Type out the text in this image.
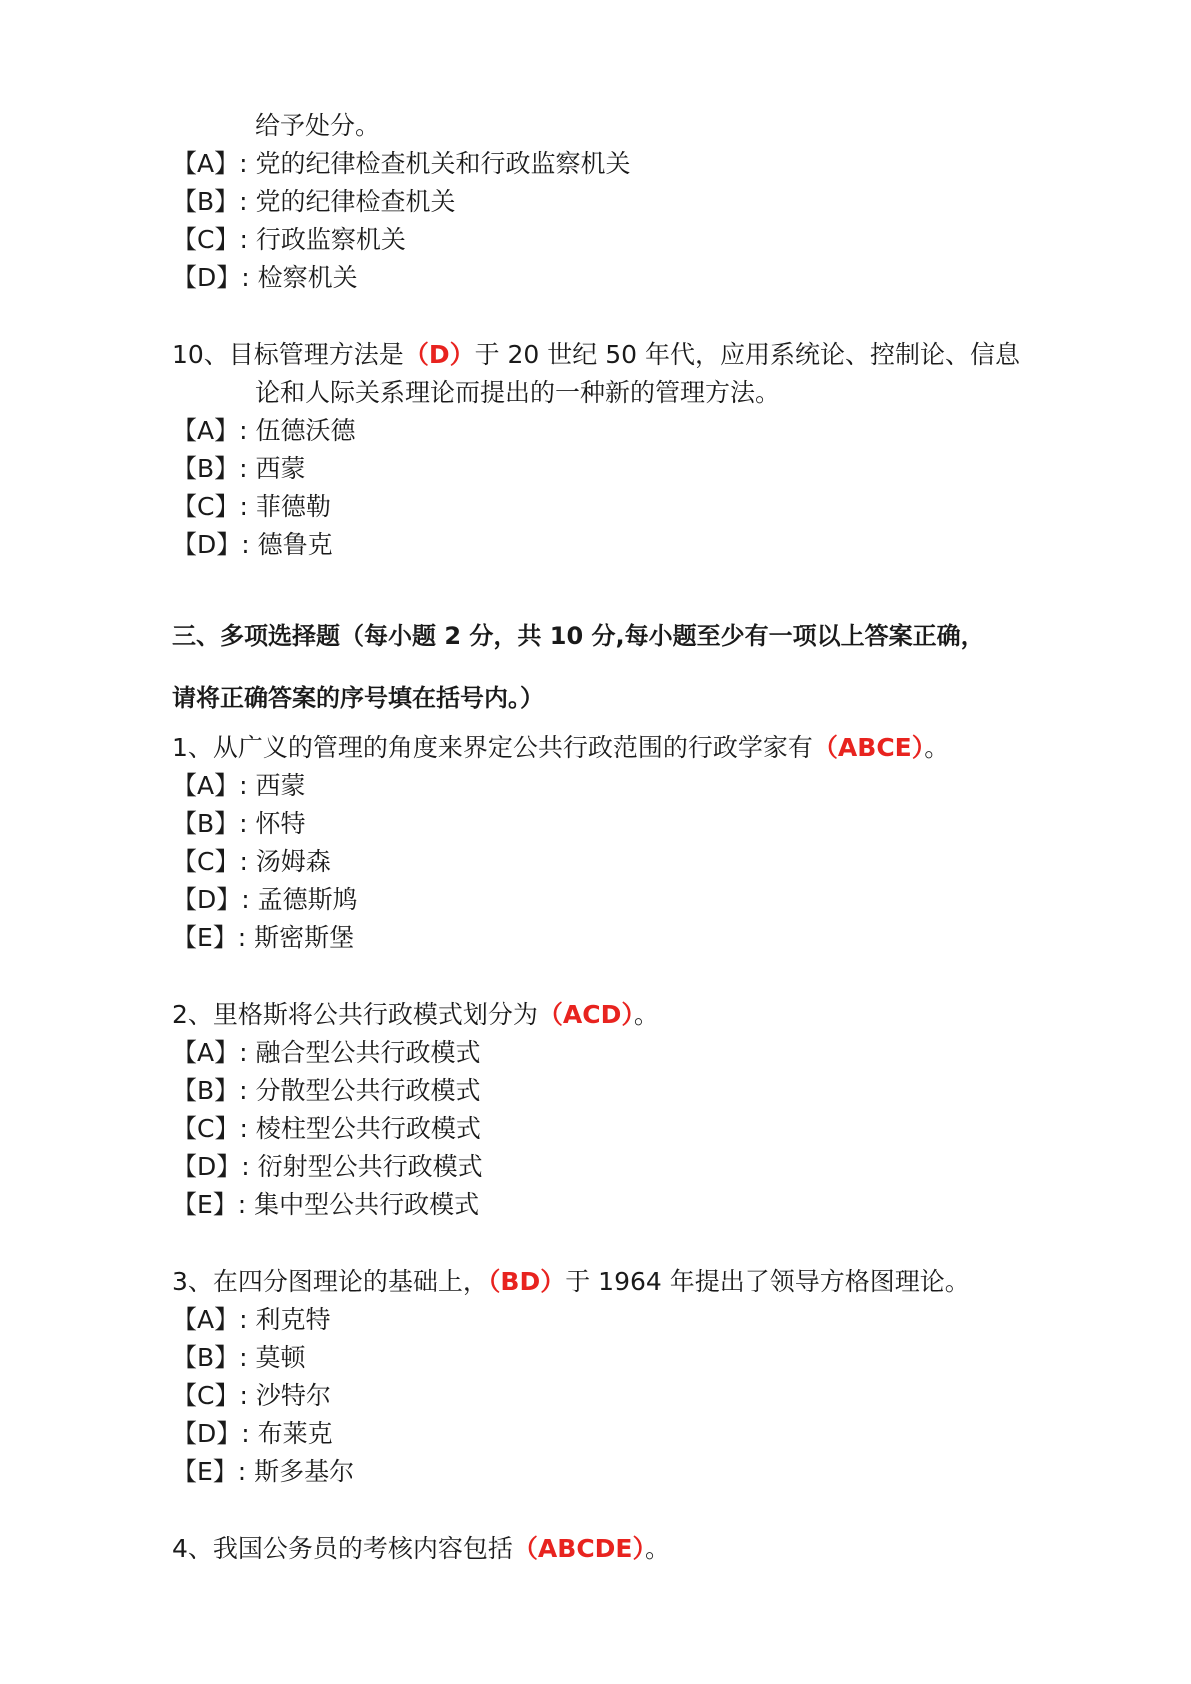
给予处分。
【A】: 党的纪律检查机关和行政监察机关
【B】: 党的纪律检查机关
【C】: 行政监察机关
【D】: 检察机关
10、目标管理方法是（D）于 20 世纪 50 年代，应用系统论、控制论、信息
论和人际关系理论而提出的一种新的管理方法。
【A】: 伍德沃德
【B】: 西蒙
【C】: 菲德勒
【D】: 德鲁克
三、多项选择题（每小题 2 分，共 10 分,每小题至少有一项以上答案正确，
请将正确答案的序号填在括号内。）
1、从广义的管理的角度来界定公共行政范围的行政学家有（ABCE）。
【A】: 西蒙
【B】: 怀特
【C】: 汤姆森
【D】: 孟德斯鸠
【E】: 斯密斯堡
2、里格斯将公共行政模式划分为（ACD）。
【A】: 融合型公共行政模式
【B】: 分散型公共行政模式
【C】: 棱柱型公共行政模式
【D】: 衍射型公共行政模式
【E】: 集中型公共行政模式
3、在四分图理论的基础上，（BD）于 1964 年提出了领导方格图理论。
【A】: 利克特
【B】: 莫顿
【C】: 沙特尔
【D】: 布莱克
【E】: 斯多基尔
4、我国公务员的考核内容包括（ABCDE）。
